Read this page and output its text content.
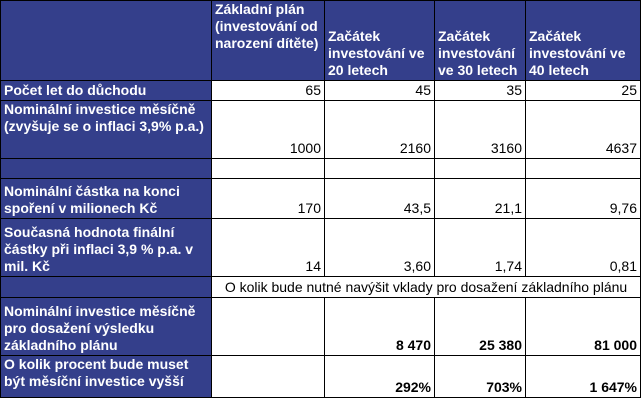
	Základní plán (investování od narození dítěte)	Začátek investování ve 20 letech	Začátek investování ve 30 letech	Začátek investování ve 40 letech
Počet let do důchodu	65	45	35	25
Nominální investice měsíčně (zvyšuje se o inflaci 3,9% p.a.)	1000	2160	3160	4637

Nominální částka na konci spoření v milionech Kč	170	43,5	21,1	9,76
Současná hodnota finální částky při inflaci 3,9 % p.a. v mil. Kč	14	3,60	1,74	0,81
	O kolik bude nutné navýšit vklady pro dosažení základního plánu			
Nominální investice měsíčně pro dosažení výsledku základního plánu		8 470	25 380	81 000
O kolik procent bude muset být měsíční investice vyšší		292%	703%	1 647%
